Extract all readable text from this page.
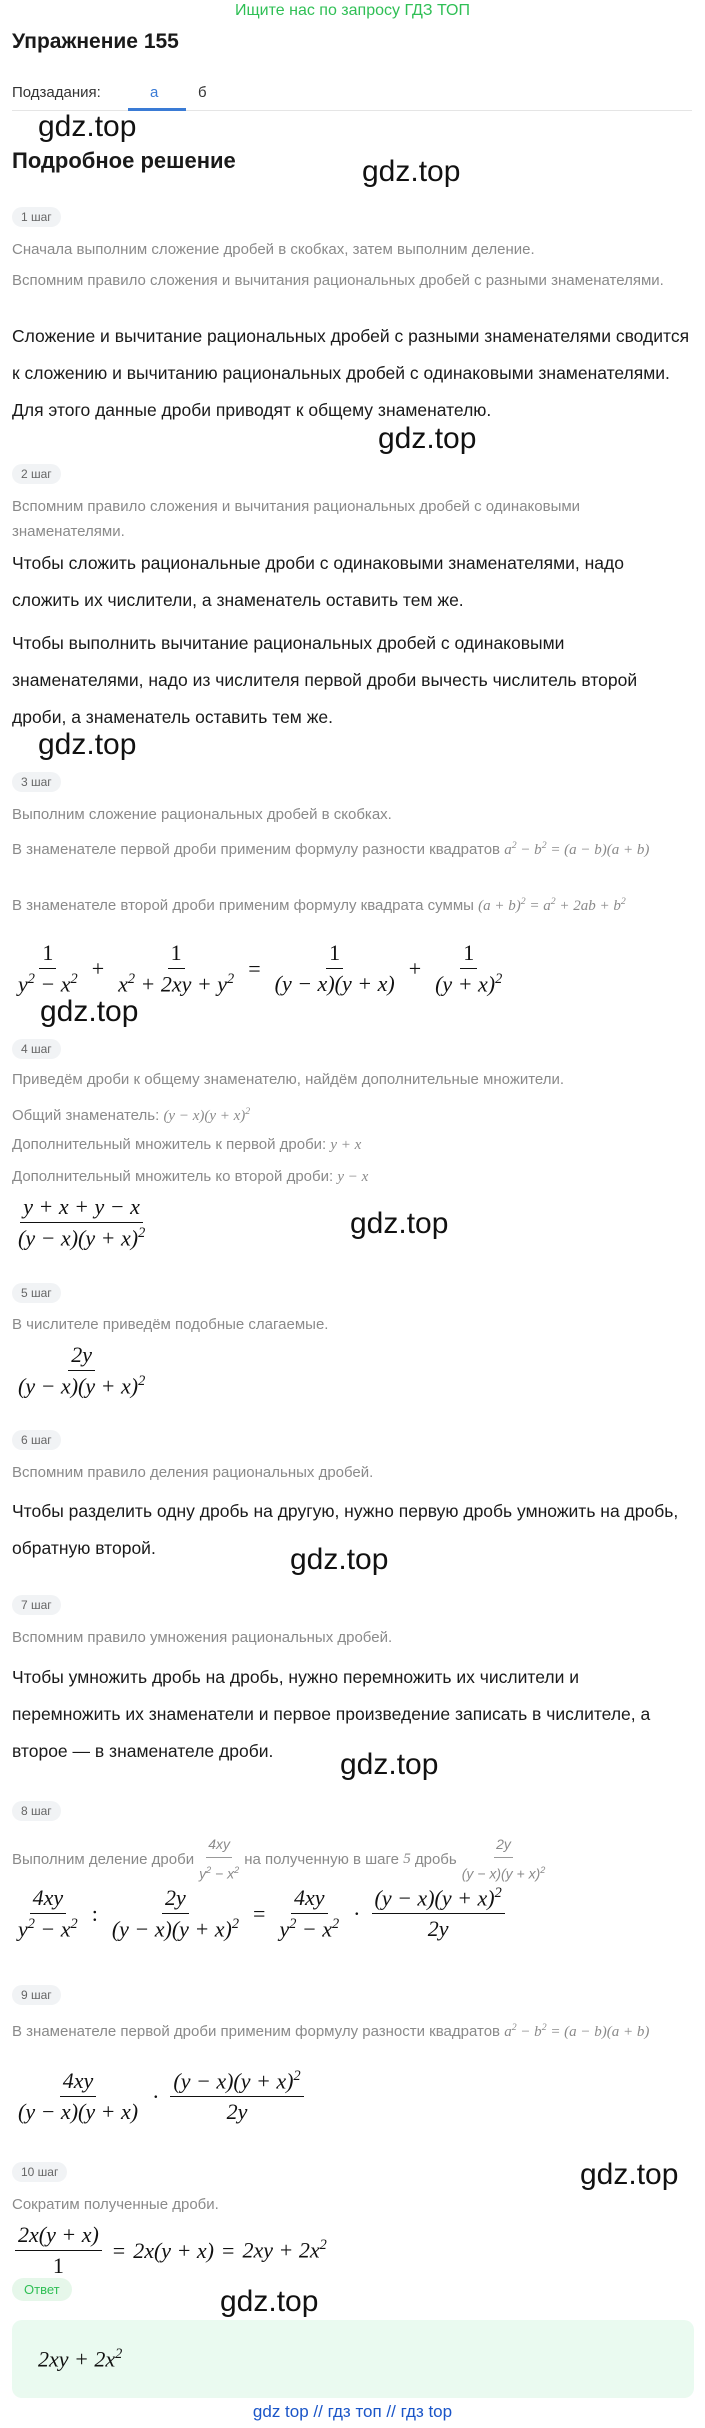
Ищите нас по запросу ГДЗ ТОП
Упражнение 155
Подзадания:	а	б
gdz.top
Подробное решение	gdz.top
1 шаг
Сначала выполним сложение дробей в скобках, затем выполним деление.
Вспомним правило сложения и вычитания рациональных дробей с разными знаменателями.
Сложение и вычитание рациональных дробей с разными знаменателями сводится к сложению и вычитанию рациональных дробей с одинаковыми знаменателями. Для этого данные дроби приводят к общему знаменателю.
gdz.top
2 шаг
Вспомним правило сложения и вычитания рациональных дробей с одинаковыми знаменателями.
Чтобы сложить рациональные дроби с одинаковыми знаменателями, надо сложить их числители, а знаменатель оставить тем же.
Чтобы выполнить вычитание рациональных дробей с одинаковыми знаменателями, надо из числителя первой дроби вычесть числитель второй дроби, а знаменатель оставить тем же.
gdz.top
3 шаг
Выполним сложение рациональных дробей в скобках.
В знаменателе первой дроби применим формулу разности квадратов $a^2 - b^2 = (a - b)(a + b)$
В знаменателе второй дроби применим формулу квадрата суммы $(a + b)^2 = a^2 + 2ab + b^2$
$\frac{1}{y^2 - x^2} + \frac{1}{x^2 + 2xy + y^2} = \frac{1}{(y - x)(y + x)} + \frac{1}{(y + x)^2}$
gdz.top
4 шаг
Приведём дроби к общему знаменателю, найдём дополнительные множители.
Общий знаменатель: $(y - x)(y + x)^2$
Дополнительный множитель к первой дроби: y + x
Дополнительный множитель ко второй дроби: y − x
$\frac{y + x + y - x}{(y - x)(y + x)^2}$	gdz.top
5 шаг
В числителе приведём подобные слагаемые.
$\frac{2y}{(y - x)(y + x)^2}$
6 шаг
Вспомним правило деления рациональных дробей.
Чтобы разделить одну дробь на другую, нужно первую дробь умножить на дробь, обратную второй.	gdz.top
7 шаг
Вспомним правило умножения рациональных дробей.
Чтобы умножить дробь на дробь, нужно перемножить их числители и перемножить их знаменатели и первое произведение записать в числителе, а второе — в знаменателе дроби.	gdz.top
8 шаг
Выполним деление дроби $\frac{4xy}{y^2 - x^2}$ на полученную в шаге
5
дробь $\frac{2y}{(y - x)(y + x)^2}$
$\frac{4xy}{y^2 - x^2}$ : $\frac{2y}{(y - x)(y + x)^2} = \frac{4xy}{y^2 - x^2} \cdot \frac{(y - x)(y + x)^2}{2y}$
9 шаг
В знаменателе первой дроби применим формулу разности квадратов $a^2 - b^2 = (a - b)(a + b)$
$\frac{4xy}{(y - x)(y + x)} \cdot \frac{(y - x)(y + x)^2}{2y}$
gdz.top
10 шаг
Сократим полученные дроби.
$\frac{2x(y + x)}{1} = 2x(y + x) = 2xy + 2x^2$
Ответ	gdz.top
$2xy + 2x^2$
gdz top // гдз топ // гдз top
